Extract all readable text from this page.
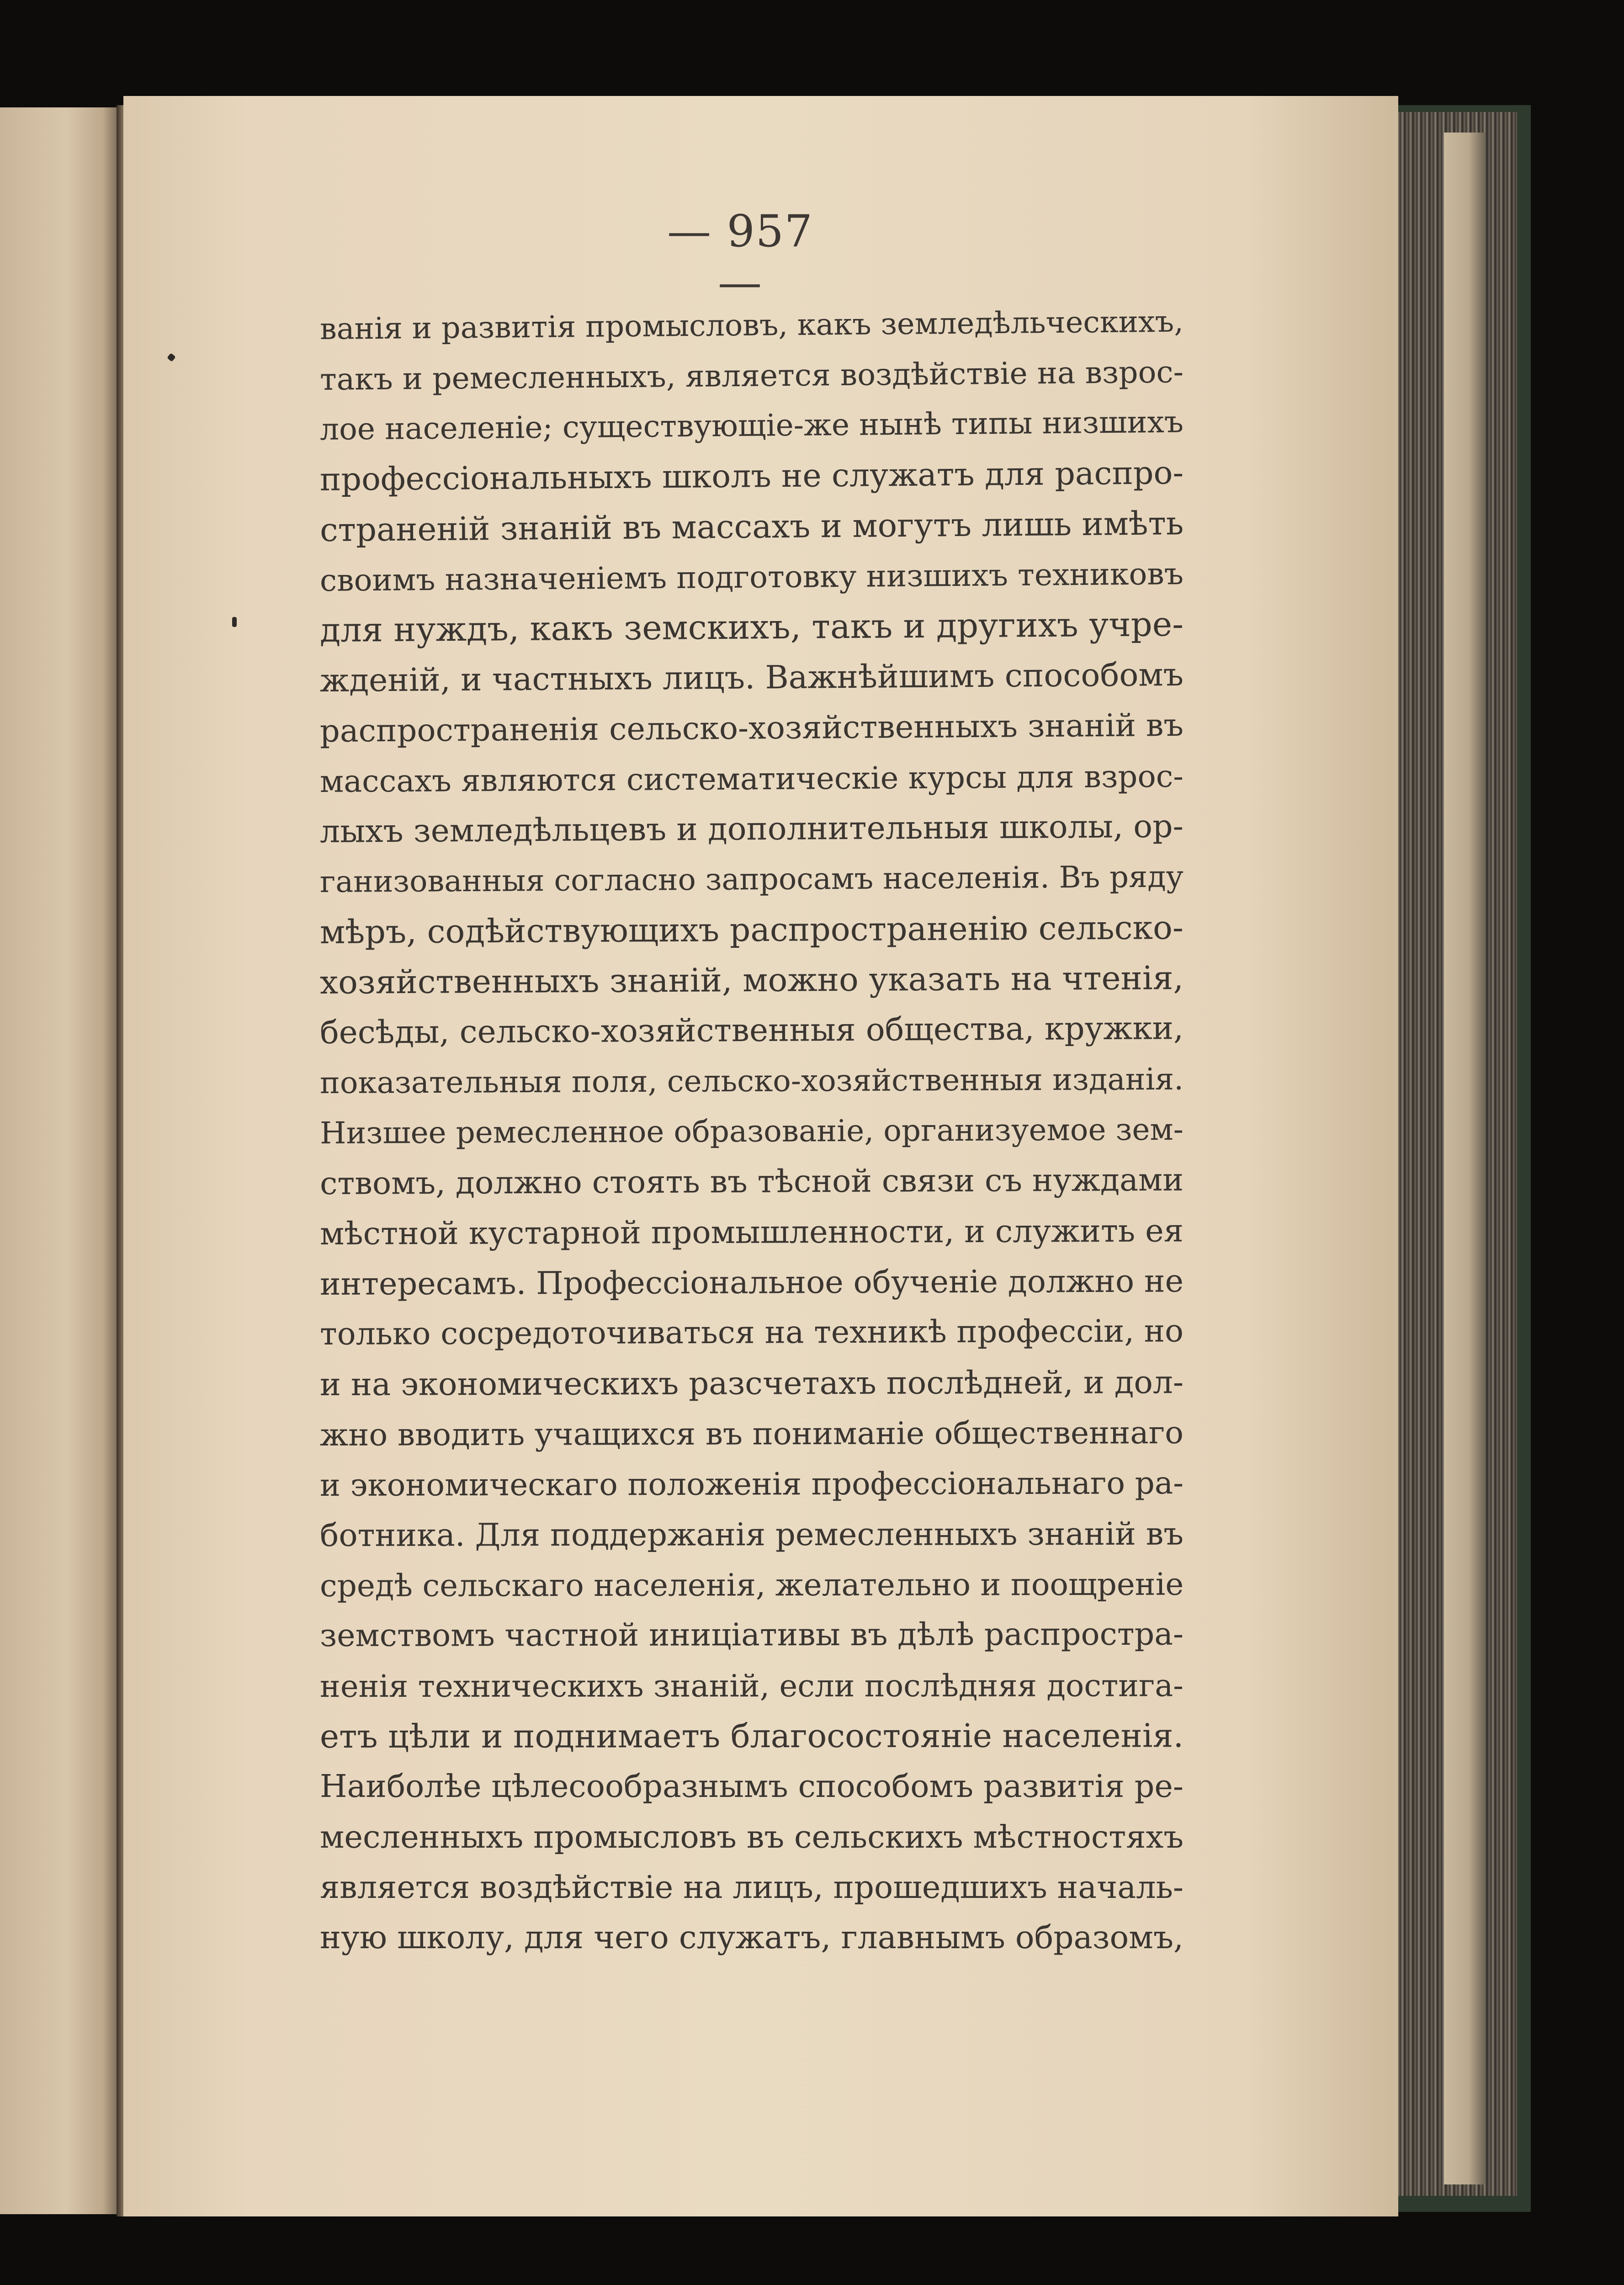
— 957 —
ванія и развитія промысловъ, какъ земледѣльческихъ,
такъ и ремесленныхъ, является воздѣйствіе на взрос-
лое населеніе; существующіе-же нынѣ типы низшихъ
профессіональныхъ школъ не служатъ для распро-
страненій знаній въ массахъ и могутъ лишь имѣть
своимъ назначеніемъ подготовку низшихъ техниковъ
для нуждъ, какъ земскихъ, такъ и другихъ учре-
жденій, и частныхъ лицъ. Важнѣйшимъ способомъ
распространенія сельско-хозяйственныхъ знаній въ
массахъ являются систематическіе курсы для взрос-
лыхъ земледѣльцевъ и дополнительныя школы, ор-
ганизованныя согласно запросамъ населенія. Въ ряду
мѣръ, содѣйствующихъ распространенію сельско-
хозяйственныхъ знаній, можно указать на чтенія,
бесѣды, сельско-хозяйственныя общества, кружки,
показательныя поля, сельско-хозяйственныя изданія.
Низшее ремесленное образованіе, организуемое зем-
ствомъ, должно стоять въ тѣсной связи съ нуждами
мѣстной кустарной промышленности, и служить ея
интересамъ. Профессіональное обученіе должно не
только сосредоточиваться на техникѣ профессіи, но
и на экономическихъ разсчетахъ послѣдней, и дол-
жно вводить учащихся въ пониманіе общественнаго
и экономическаго положенія профессіональнаго ра-
ботника. Для поддержанія ремесленныхъ знаній въ
средѣ сельскаго населенія, желательно и поощреніе
земствомъ частной иниціативы въ дѣлѣ распростра-
ненія техническихъ знаній, если послѣдняя достига-
етъ цѣли и поднимаетъ благосостояніе населенія.
Наиболѣе цѣлесообразнымъ способомъ развитія ре-
месленныхъ промысловъ въ сельскихъ мѣстностяхъ
является воздѣйствіе на лицъ, прошедшихъ началь-
ную школу, для чего служатъ, главнымъ образомъ,
